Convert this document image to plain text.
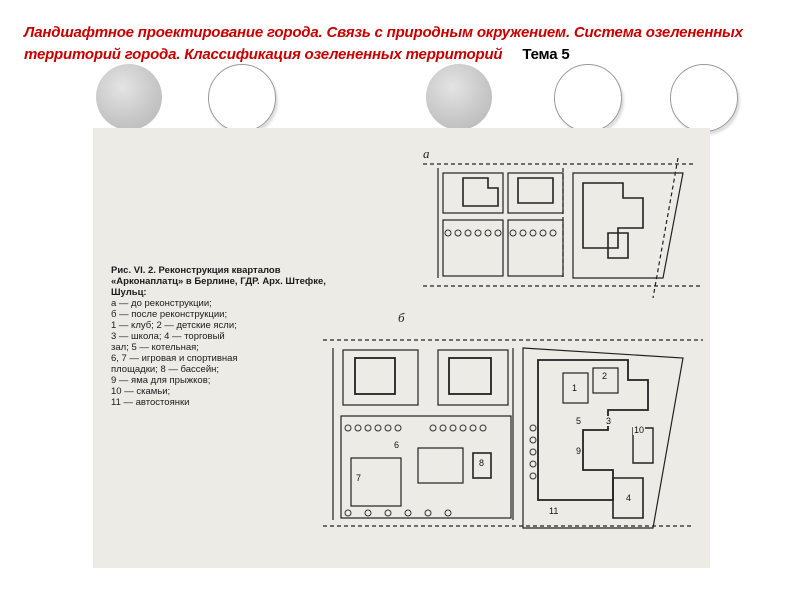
Ландшафтное проектирование города. Связь с природным окружением. Система озелененных территорий города. Классификация озелененных территорий Тема 5
а
б
Рис. VI. 2. Реконструкция кварталов «Арконаплатц» в Берлине, ГДР. Арх. Штефке, Шульц:
а — до реконструкции;
б — после реконструкции;
1 — клуб; 2 — детские ясли;
3 — школа; 4 — торговый
зал; 5 — котельная;
6, 7 — игровая и спортивная
площадки; 8 — бассейн;
9 — яма для прыжков;
10 — скамьи;
11 — автостоянки
1
2
3
4
5
6
7
8
9
10
11
